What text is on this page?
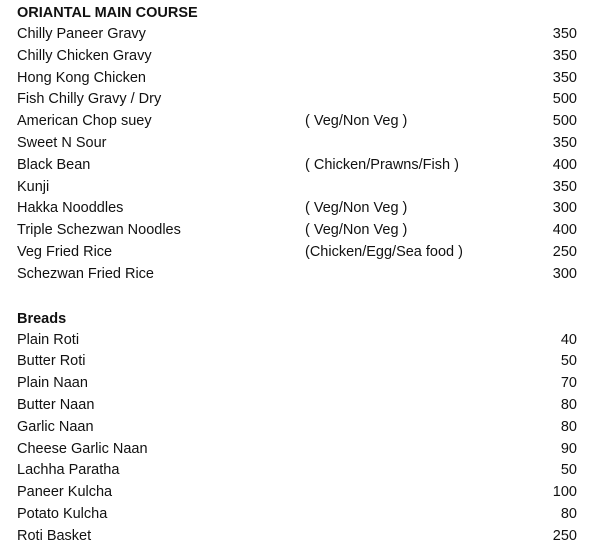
ORIANTAL MAIN COURSE
Chilly Paneer Gravy	350
Chilly Chicken Gravy	350
Hong Kong Chicken	350
Fish Chilly Gravy / Dry	500
American Chop suey	( Veg/Non Veg )	500
Sweet N Sour	350
Black Bean	( Chicken/Prawns/Fish )	400
Kunji	350
Hakka Nooddles	( Veg/Non Veg )	300
Triple Schezwan Noodles	( Veg/Non Veg )	400
Veg Fried Rice	(Chicken/Egg/Sea food )	250
Schezwan Fried Rice	300
Breads
Plain Roti	40
Butter Roti	50
Plain Naan	70
Butter Naan	80
Garlic Naan	80
Cheese Garlic Naan	90
Lachha Paratha	50
Paneer Kulcha	100
Potato Kulcha	80
Roti Basket	250
